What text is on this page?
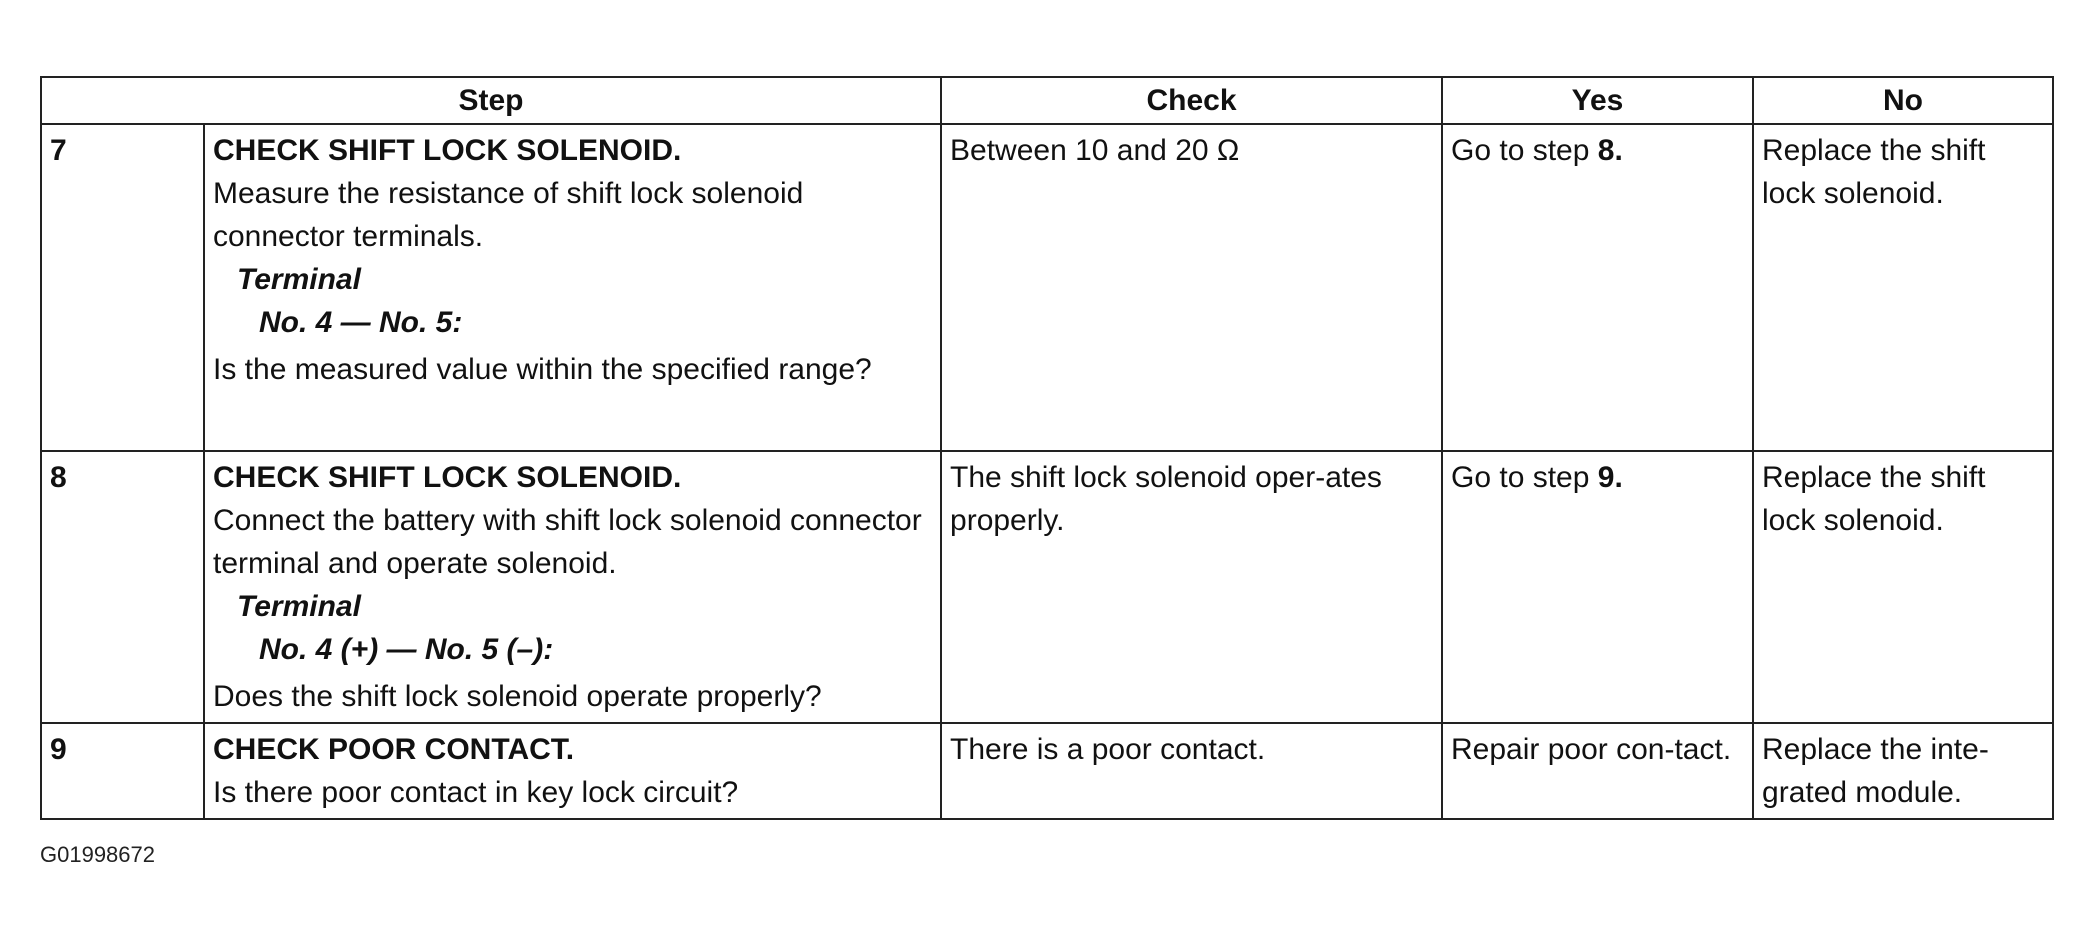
Step		Check	Yes	No
7	CHECK SHIFT LOCK SOLENOID.
Measure the resistance of shift lock solenoid connector terminals.
Terminal
No. 4 — No. 5:
Is the measured value within the specified range?	Between 10 and 20 Ω	Go to step 8.	Replace the shift lock solenoid.
8	CHECK SHIFT LOCK SOLENOID.
Connect the battery with shift lock solenoid connector terminal and operate solenoid.
Terminal
No. 4 (+) — No. 5 (–):
Does the shift lock solenoid operate properly?	The shift lock solenoid oper-ates properly.	Go to step 9.	Replace the shift lock solenoid.
9	CHECK POOR CONTACT.
Is there poor contact in key lock circuit?	There is a poor contact.	Repair poor con-tact.	Replace the inte-grated module.
G01998672
